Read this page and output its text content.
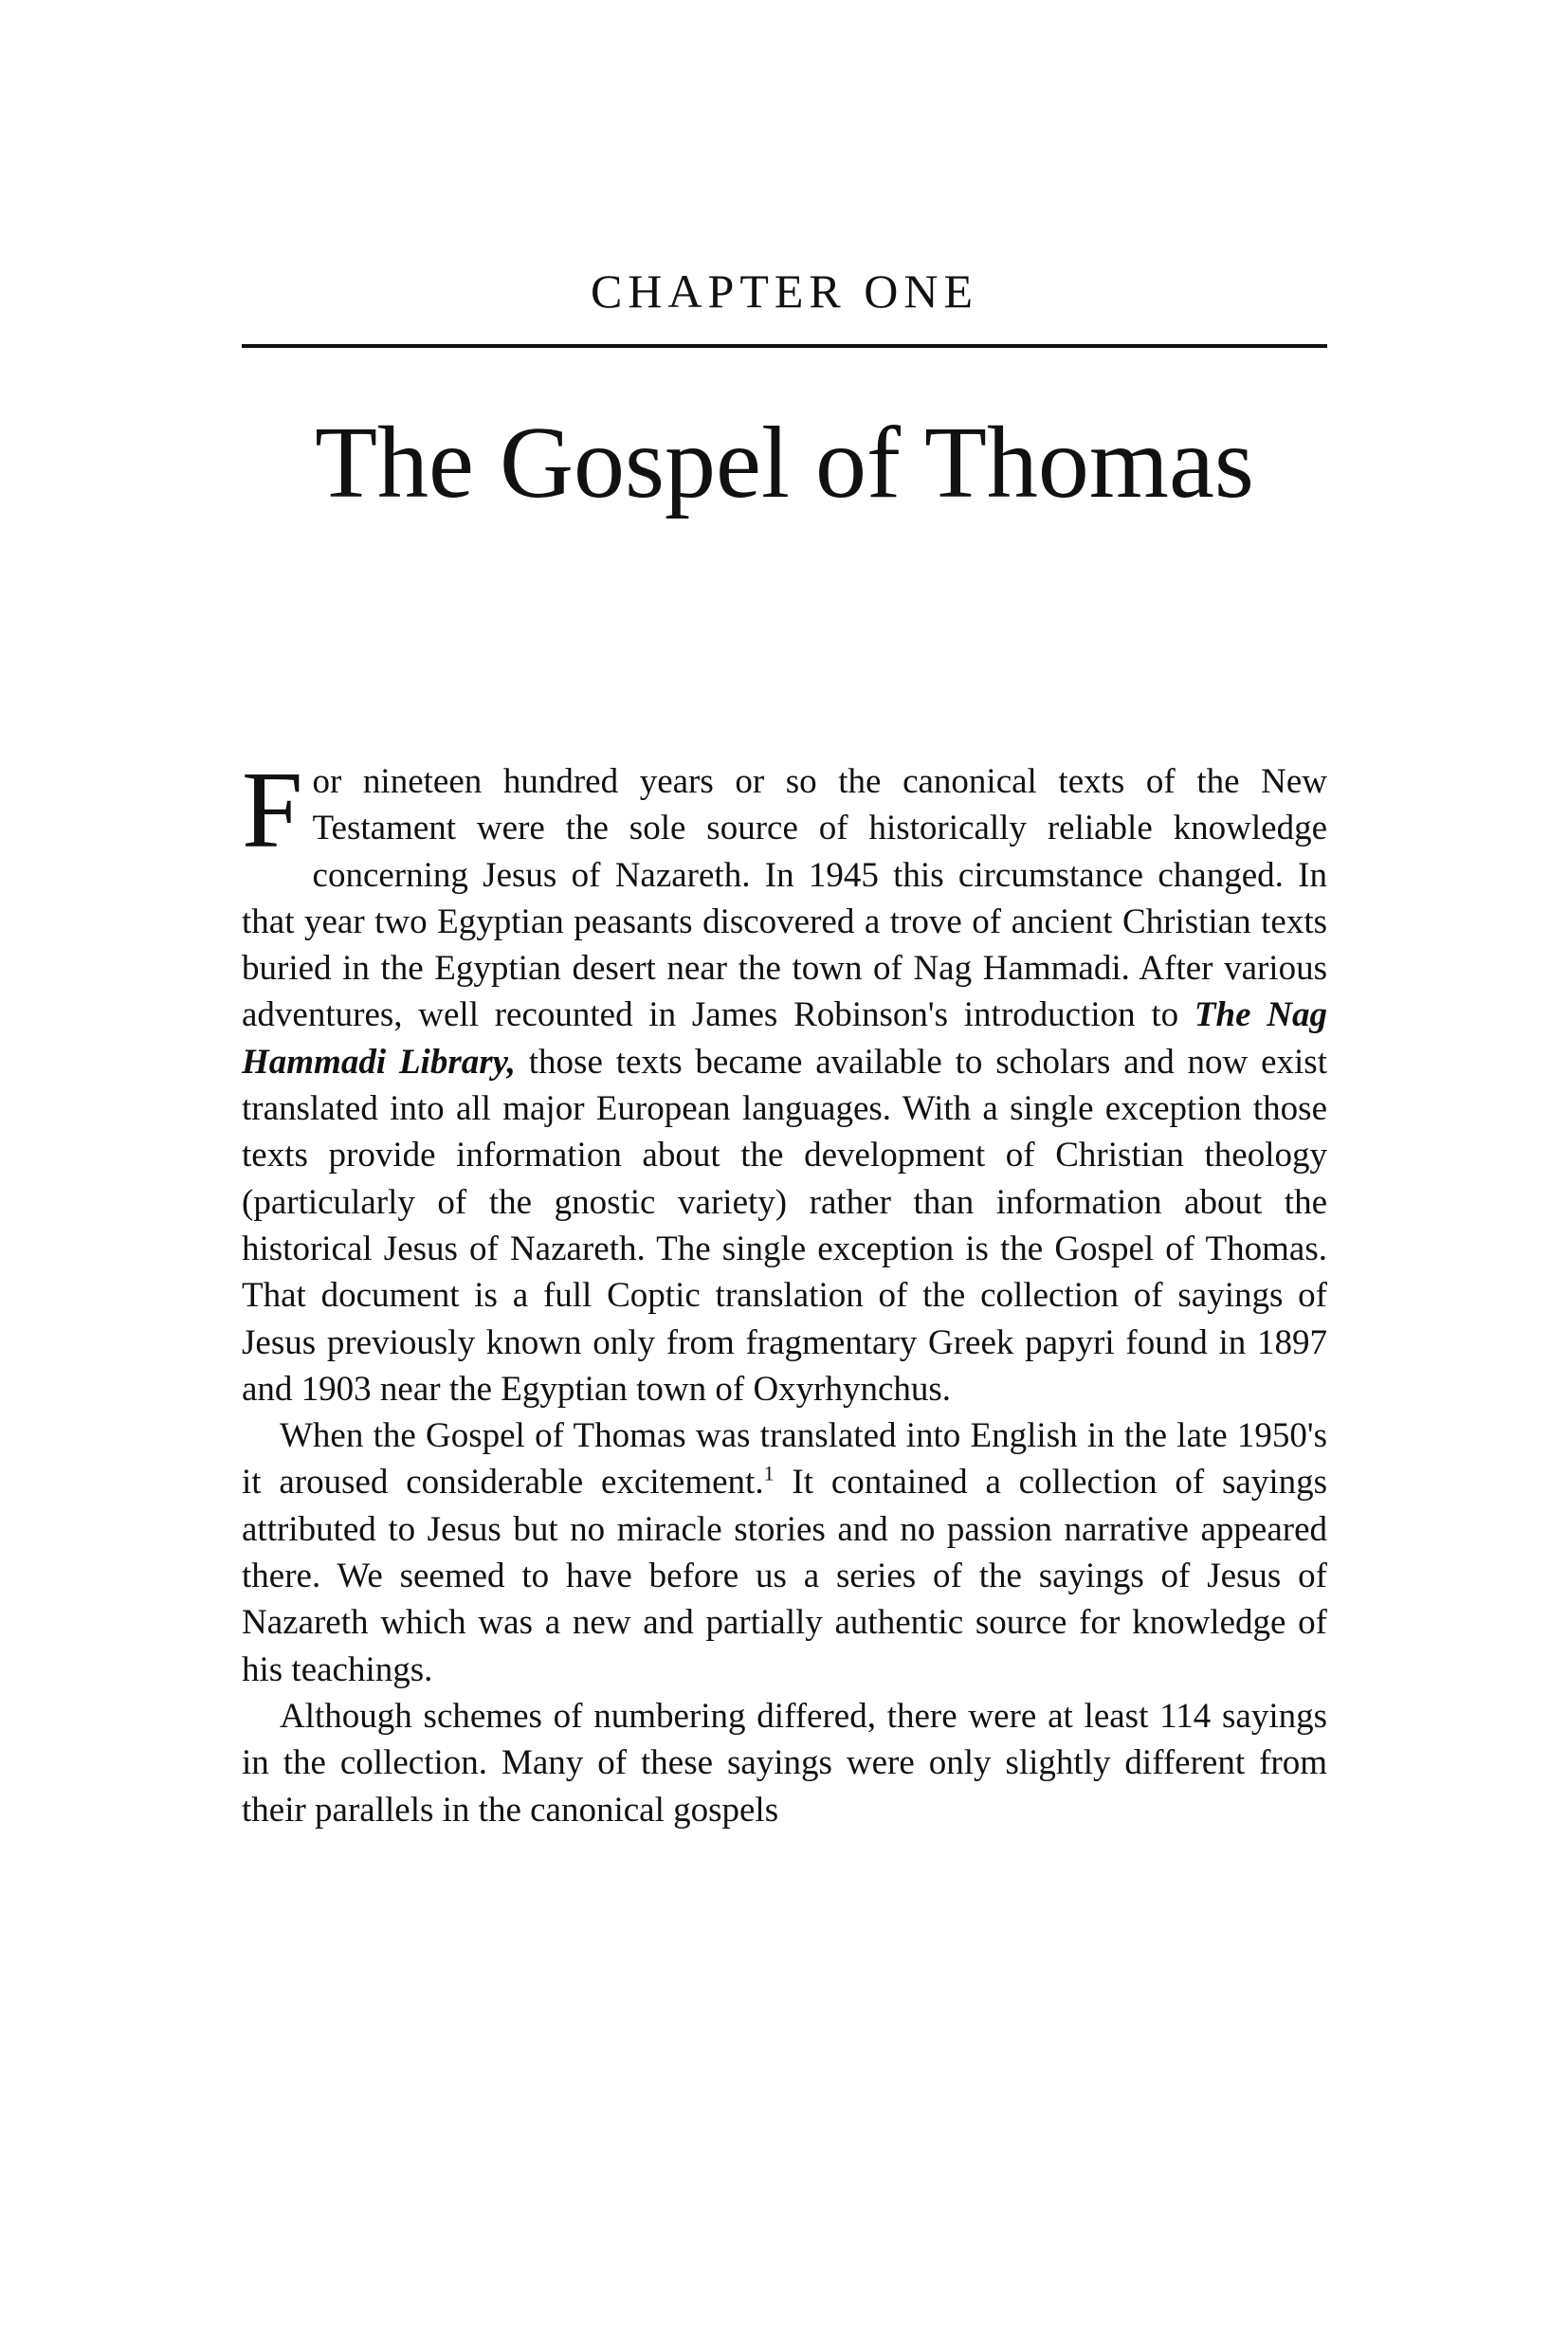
CHAPTER ONE
The Gospel of Thomas

For nineteen hundred years or so the canonical texts of the New Testament were the sole source of historically reliable knowledge concerning Jesus of Nazareth. In 1945 this circumstance changed. In that year two Egyptian peasants discovered a trove of ancient Christian texts buried in the Egyptian desert near the town of Nag Hammadi. After various adventures, well recounted in James Robinson's introduction to The Nag Hammadi Library, those texts became available to scholars and now exist translated into all major European languages. With a single exception those texts provide information about the development of Christian theology (particularly of the gnostic variety) rather than information about the historical Jesus of Nazareth. The single exception is the Gospel of Thomas. That document is a full Coptic translation of the collection of sayings of Jesus previously known only from fragmentary Greek papyri found in 1897 and 1903 near the Egyptian town of Oxyrhynchus.

When the Gospel of Thomas was translated into English in the late 1950's it aroused considerable excitement.$^1$ It contained a collection of sayings attributed to Jesus but no miracle stories and no passion narrative appeared there. We seemed to have before us a series of the sayings of Jesus of Nazareth which was a new and partially authentic source for knowledge of his teachings.

Although schemes of numbering differed, there were at least 114 sayings in the collection. Many of these sayings were only slightly different from their parallels in the canonical gospels
